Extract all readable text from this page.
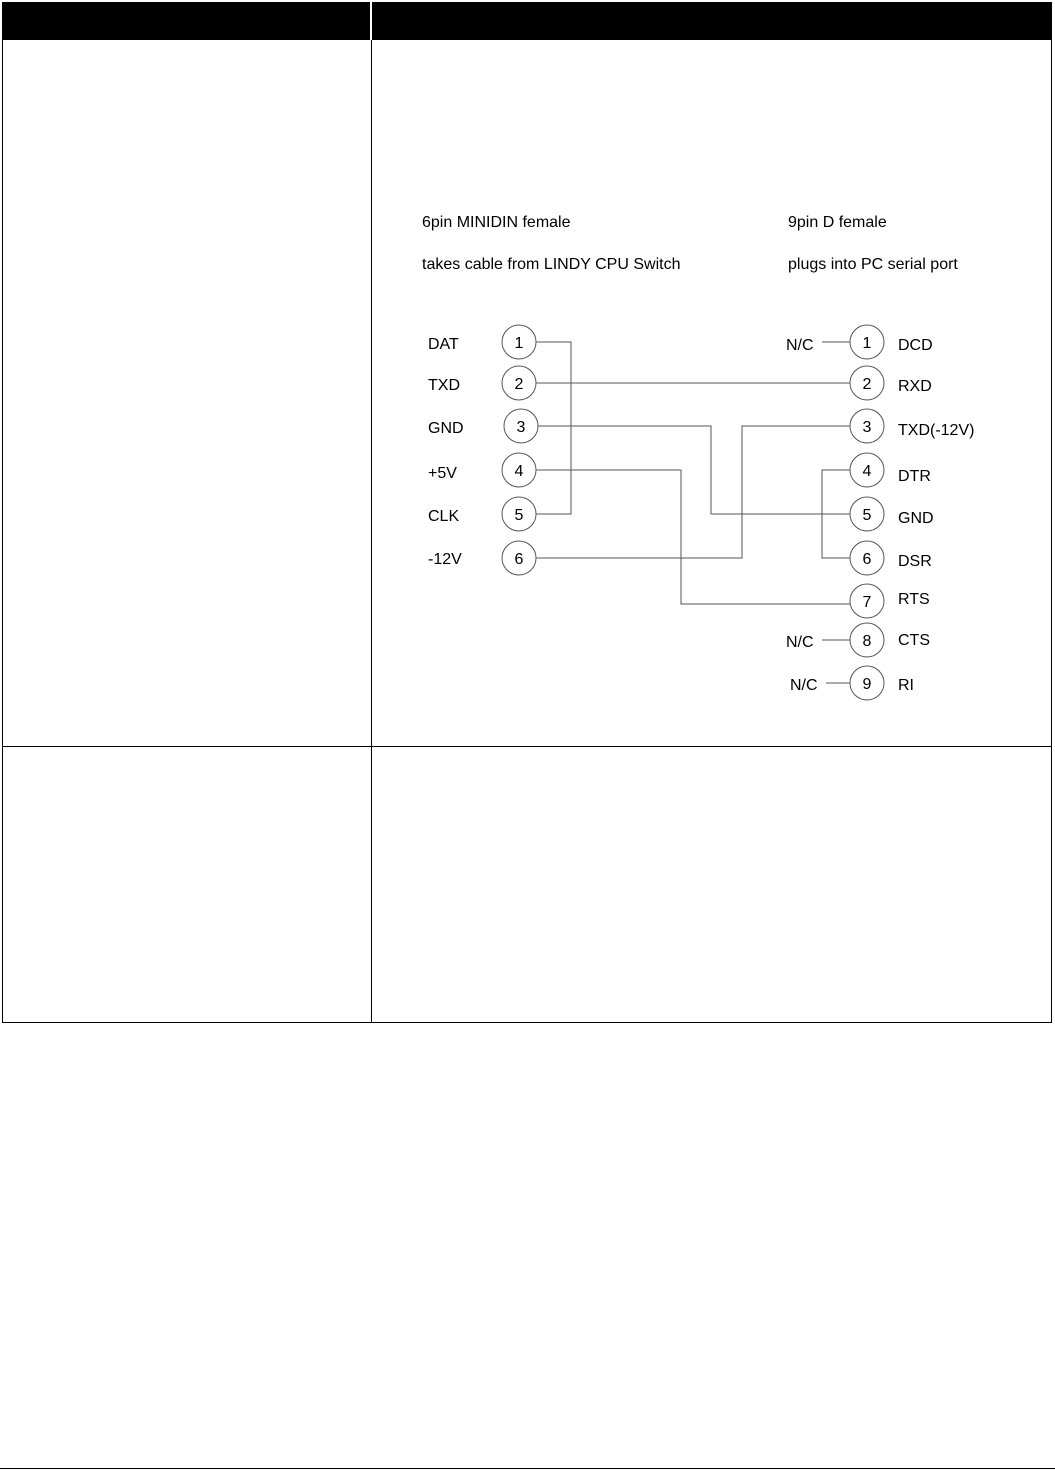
6pin MINIDIN female
takes cable from LINDY CPU Switch
9pin D female
plugs into PC serial port
DAT	1
TXD	2
GND	3
+5V	4
CLK	5
-12V	6
N/C	1 DCD
2 RXD
3 TXD(-12V)
4 DTR
5 GND
6 DSR
7 RTS
N/C	8 CTS
N/C	9 RI
